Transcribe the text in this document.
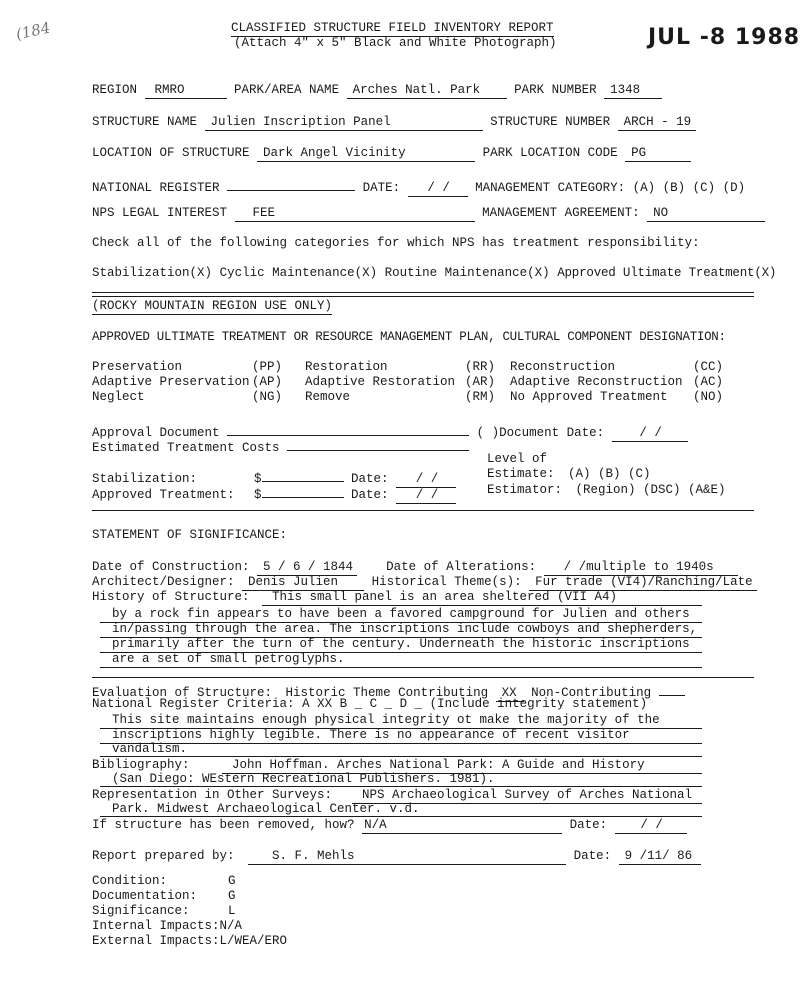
(184	JUL -8 1988
CLASSIFIED STRUCTURE FIELD INVENTORY REPORT
(Attach 4" x 5" Black and White Photograph)
REGION RMRO	PARK/AREA NAME Arches Natl. Park	PARK NUMBER 1348
STRUCTURE NAME Julien Inscription Panel	STRUCTURE NUMBER ARCH - 19
LOCATION OF STRUCTURE Dark Angel Vicinity	PARK LOCATION CODE PG
NATIONAL REGISTER	DATE: / / MANAGEMENT CATEGORY: (A) (B) (C) (D)
NPS LEGAL INTEREST FEE	MANAGEMENT AGREEMENT: NO
Check all of the following categories for which NPS has treatment responsibility:
Stabilization(X) Cyclic Maintenance(X) Routine Maintenance(X) Approved Ultimate Treatment(X)
(ROCKY MOUNTAIN REGION USE ONLY)
APPROVED ULTIMATE TREATMENT OR RESOURCE MANAGEMENT PLAN, CULTURAL COMPONENT DESIGNATION:
Preservation	(PP) Restoration	(RR) Reconstruction	(CC)
Adaptive Preservation (AP) Adaptive Restoration (AR) Adaptive Reconstruction (AC)
Neglect	(NG) Remove	(RM) No Approved Treatment (NO)
Approval Document	( )Document Date:	/ /
Estimated Treatment Costs
Level of
Stabilization:	$	Date: / /	Estimate: (A) (B) (C)
Approved Treatment: $	Date: / /	Estimator: (Region) (DSC) (A&E)
STATEMENT OF SIGNIFICANCE:
Date of Construction: 5 / 6 / 1844	Date of Alterations: / /multiple to 1940s
Architect/Designer: Denis Julien	Historical Theme(s): Fur trade (VI4)/Ranching/Late
History of Structure: This small panel is an area sheltered (VII A4)
by a rock fin appears to have been a favored campground for Julien and others
in/passing through the area. The inscriptions include cowboys and shepherders,
primarily after the turn of the century. Underneath the historic inscriptions
are a set of small petroglyphs.
Evaluation of Structure: Historic Theme Contributing XX Non-Contributing
National Register Criteria: A XX B _ C _ D _ (Include integrity statement)
This site maintains enough physical integrity ot make the majority of the
inscriptions highly legible. There is no appearance of recent visitor
vandalism.
Bibliography:	John Hoffman. Arches National Park: A Guide and History
(San Diego: WEstern Recreational Publishers. 1981).
Representation in Other Surveys: NPS Archaeological Survey of Arches National
Park. Midwest Archaeological Center. v.d.
If structure has been removed, how? N/A	Date:	/ /
Report prepared by:	S. F. Mehls	Date: 9 /11/ 86
Condition:	G
Documentation: G
Significance:	L
Internal Impacts:N/A
External Impacts:L/WEA/ERO
